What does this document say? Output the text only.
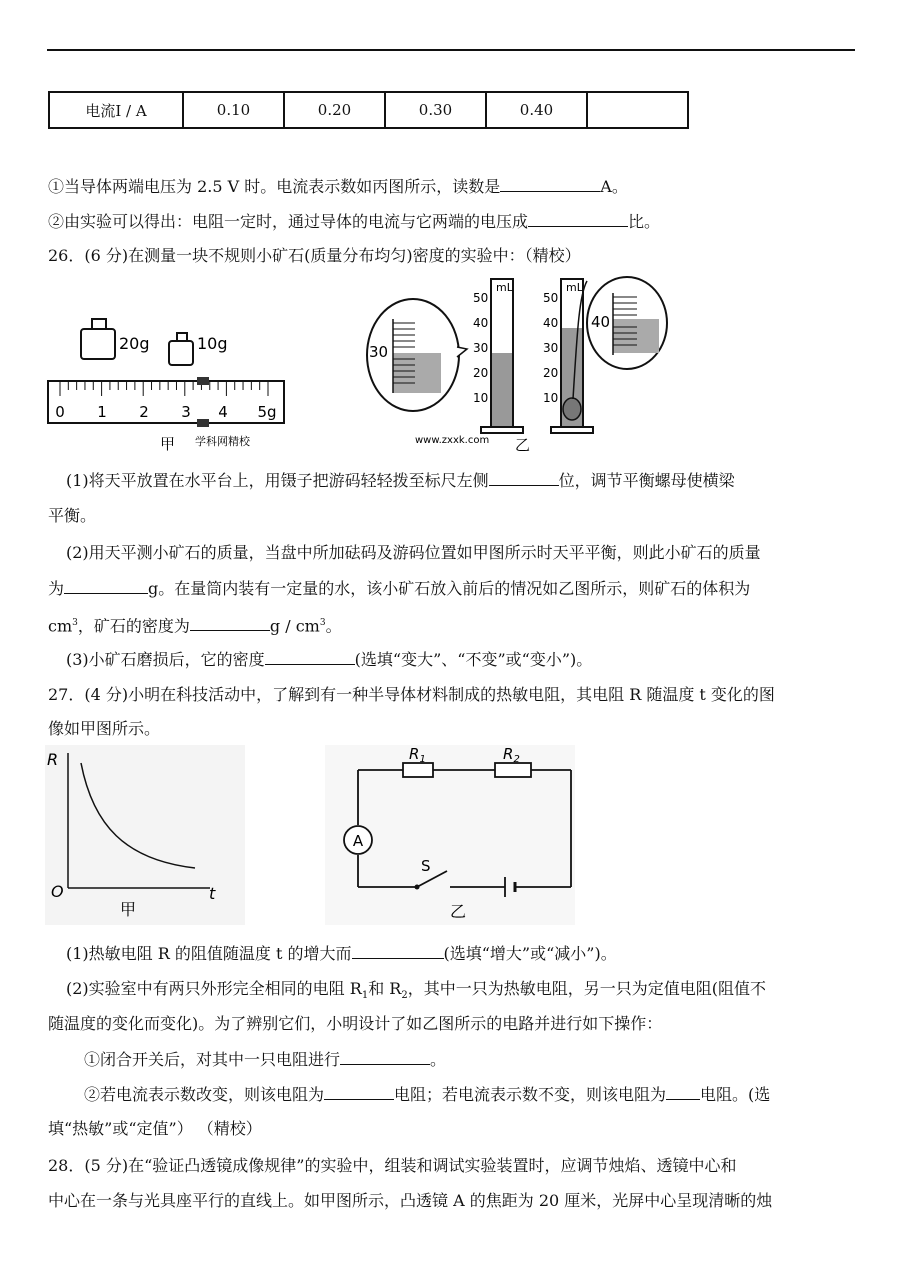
电流I / A	0.10	0.20	0.30	0.40	
①当导体两端电压为 2.5 V 时。电流表示数如丙图所示，读数是	A。
②由实验可以得出：电阻一定时，通过导体的电流与它两端的电压成	比。
26．(6 分)在测量一块不规则小矿石(质量分布均匀)密度的实验中：（精校）
20g	10g
0 1 2 3 4 5g
甲 学科网精校
30
mL
50
40
30
20
10
mL
50
40
30
20
10
40
www.zxxk.com 乙
(1)将天平放置在水平台上，用镊子把游码轻轻拨至标尺左侧	位，调节平衡螺母使横梁
平衡。
(2)用天平测小矿石的质量，当盘中所加砝码及游码位置如甲图所示时天平平衡，则此小矿石的质量
为	g。在量筒内装有一定量的水，该小矿石放入前后的情况如乙图所示，则矿石的体积为
$cm^3$，矿石的密度为	g / $cm^3$。
(3)小矿石磨损后，它的密度	(选填“变大”、“不变”或“变小”)。
27．(4 分)小明在科技活动中，了解到有一种半导体材料制成的热敏电阻，其电阻 R 随温度 t 变化的图
像如甲图所示。
R
t
O
甲
$R_1$	$R_2$
A
S
乙
(1)热敏电阻 R 的阻值随温度 t 的增大而	(选填“增大”或“减小”)。
(2)实验室中有两只外形完全相同的电阻 $R_1$和 $R_2$，其中一只为热敏电阻，另一只为定值电阻(阻值不
随温度的变化而变化)。为了辨别它们，小明设计了如乙图所示的电路并进行如下操作：
①闭合开关后，对其中一只电阻进行	。
②若电流表示数改变，则该电阻为	电阻；若电流表示数不变，则该电阻为 电阻。(选
填“热敏”或“定值”） （精校）
28．(5 分)在“验证凸透镜成像规律”的实验中，组装和调试实验装置时，应调节烛焰、透镜中心和
中心在一条与光具座平行的直线上。如甲图所示，凸透镜 A 的焦距为 20 厘米，光屏中心呈现清晰的烛
